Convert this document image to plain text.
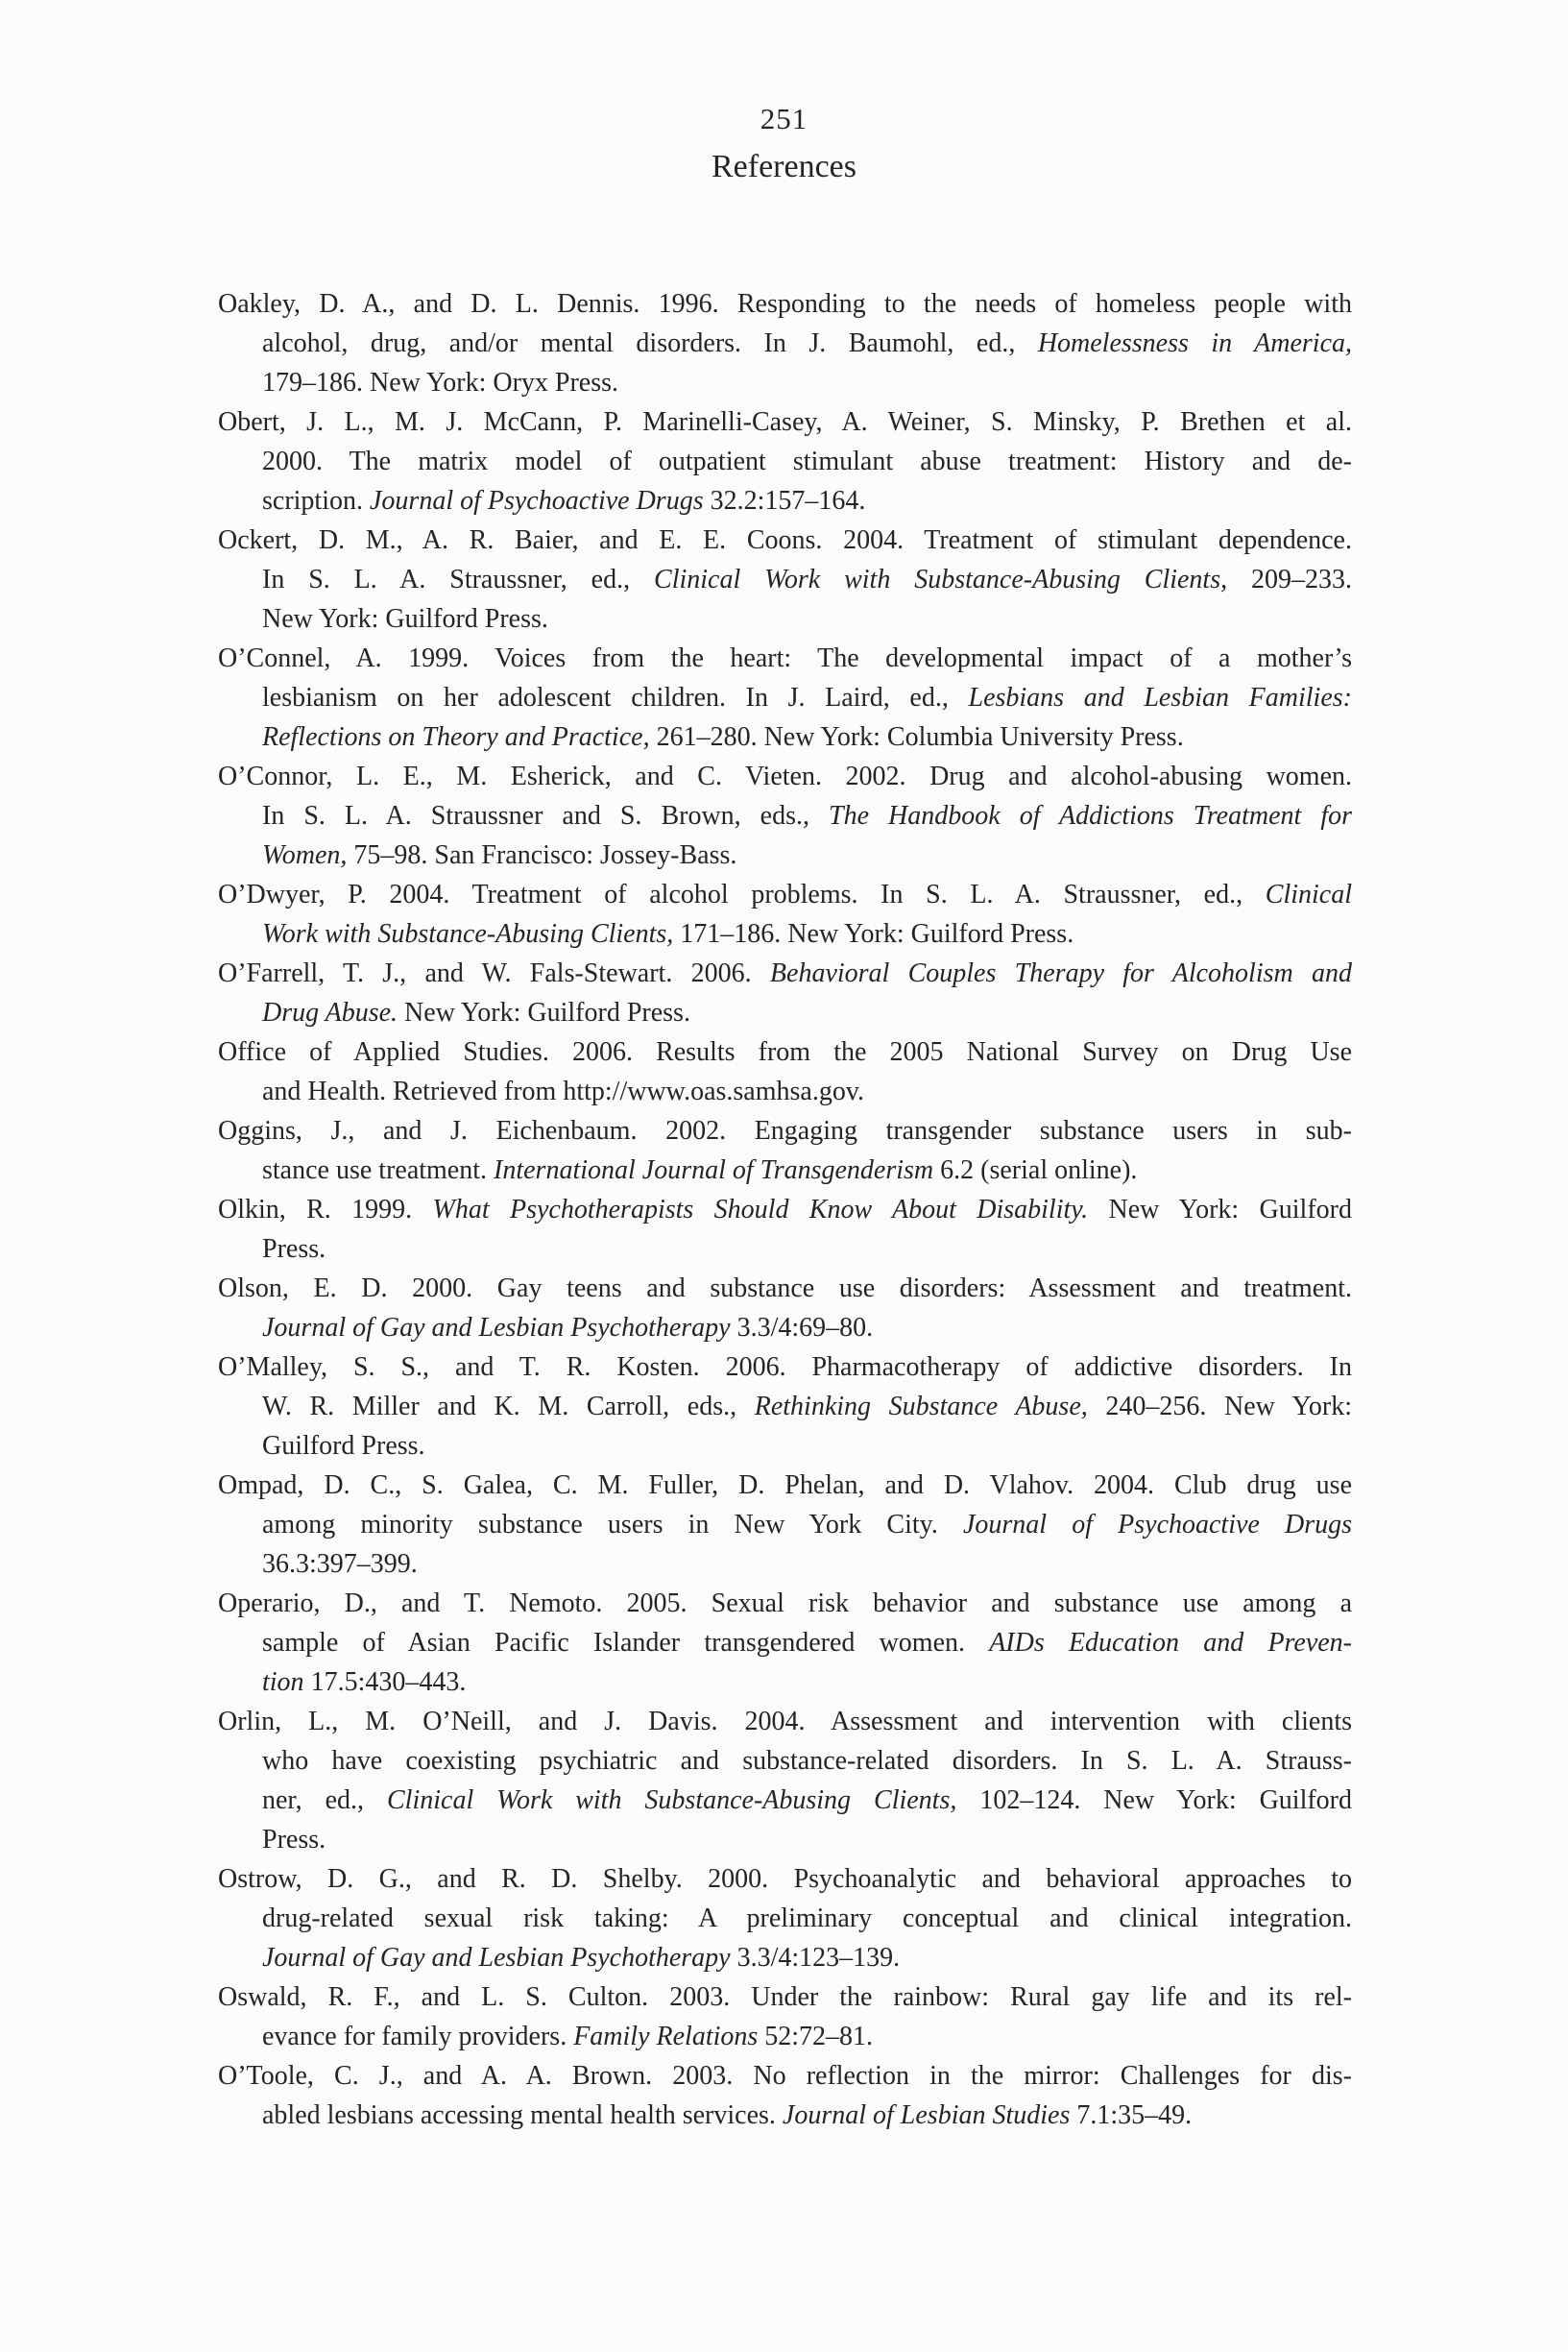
251
References
Oakley, D. A., and D. L. Dennis. 1996. Responding to the needs of homeless people with
alcohol, drug, and/or mental disorders. In J. Baumohl, ed., Homelessness in America,
179–186. New York: Oryx Press.
Obert, J. L., M. J. McCann, P. Marinelli-Casey, A. Weiner, S. Minsky, P. Brethen et al.
2000. The matrix model of outpatient stimulant abuse treatment: History and de-
scription. Journal of Psychoactive Drugs 32.2:157–164.
Ockert, D. M., A. R. Baier, and E. E. Coons. 2004. Treatment of stimulant dependence.
In S. L. A. Straussner, ed., Clinical Work with Substance-Abusing Clients, 209–233.
New York: Guilford Press.
O’Connel, A. 1999. Voices from the heart: The developmental impact of a mother’s
lesbianism on her adolescent children. In J. Laird, ed., Lesbians and Lesbian Families:
Reflections on Theory and Practice, 261–280. New York: Columbia University Press.
O’Connor, L. E., M. Esherick, and C. Vieten. 2002. Drug and alcohol-abusing women.
In S. L. A. Straussner and S. Brown, eds., The Handbook of Addictions Treatment for
Women, 75–98. San Francisco: Jossey-Bass.
O’Dwyer, P. 2004. Treatment of alcohol problems. In S. L. A. Straussner, ed., Clinical
Work with Substance-Abusing Clients, 171–186. New York: Guilford Press.
O’Farrell, T. J., and W. Fals-Stewart. 2006. Behavioral Couples Therapy for Alcoholism and
Drug Abuse. New York: Guilford Press.
Office of Applied Studies. 2006. Results from the 2005 National Survey on Drug Use
and Health. Retrieved from http://www.oas.samhsa.gov.
Oggins, J., and J. Eichenbaum. 2002. Engaging transgender substance users in sub-
stance use treatment. International Journal of Transgenderism 6.2 (serial online).
Olkin, R. 1999. What Psychotherapists Should Know About Disability. New York: Guilford
Press.
Olson, E. D. 2000. Gay teens and substance use disorders: Assessment and treatment.
Journal of Gay and Lesbian Psychotherapy 3.3/4:69–80.
O’Malley, S. S., and T. R. Kosten. 2006. Pharmacotherapy of addictive disorders. In
W. R. Miller and K. M. Carroll, eds., Rethinking Substance Abuse, 240–256. New York:
Guilford Press.
Ompad, D. C., S. Galea, C. M. Fuller, D. Phelan, and D. Vlahov. 2004. Club drug use
among minority substance users in New York City. Journal of Psychoactive Drugs
36.3:397–399.
Operario, D., and T. Nemoto. 2005. Sexual risk behavior and substance use among a
sample of Asian Pacific Islander transgendered women. AIDs Education and Preven-
tion 17.5:430–443.
Orlin, L., M. O’Neill, and J. Davis. 2004. Assessment and intervention with clients
who have coexisting psychiatric and substance-related disorders. In S. L. A. Strauss-
ner, ed., Clinical Work with Substance-Abusing Clients, 102–124. New York: Guilford
Press.
Ostrow, D. G., and R. D. Shelby. 2000. Psychoanalytic and behavioral approaches to
drug-related sexual risk taking: A preliminary conceptual and clinical integration.
Journal of Gay and Lesbian Psychotherapy 3.3/4:123–139.
Oswald, R. F., and L. S. Culton. 2003. Under the rainbow: Rural gay life and its rel-
evance for family providers. Family Relations 52:72–81.
O’Toole, C. J., and A. A. Brown. 2003. No reflection in the mirror: Challenges for dis-
abled lesbians accessing mental health services. Journal of Lesbian Studies 7.1:35–49.
